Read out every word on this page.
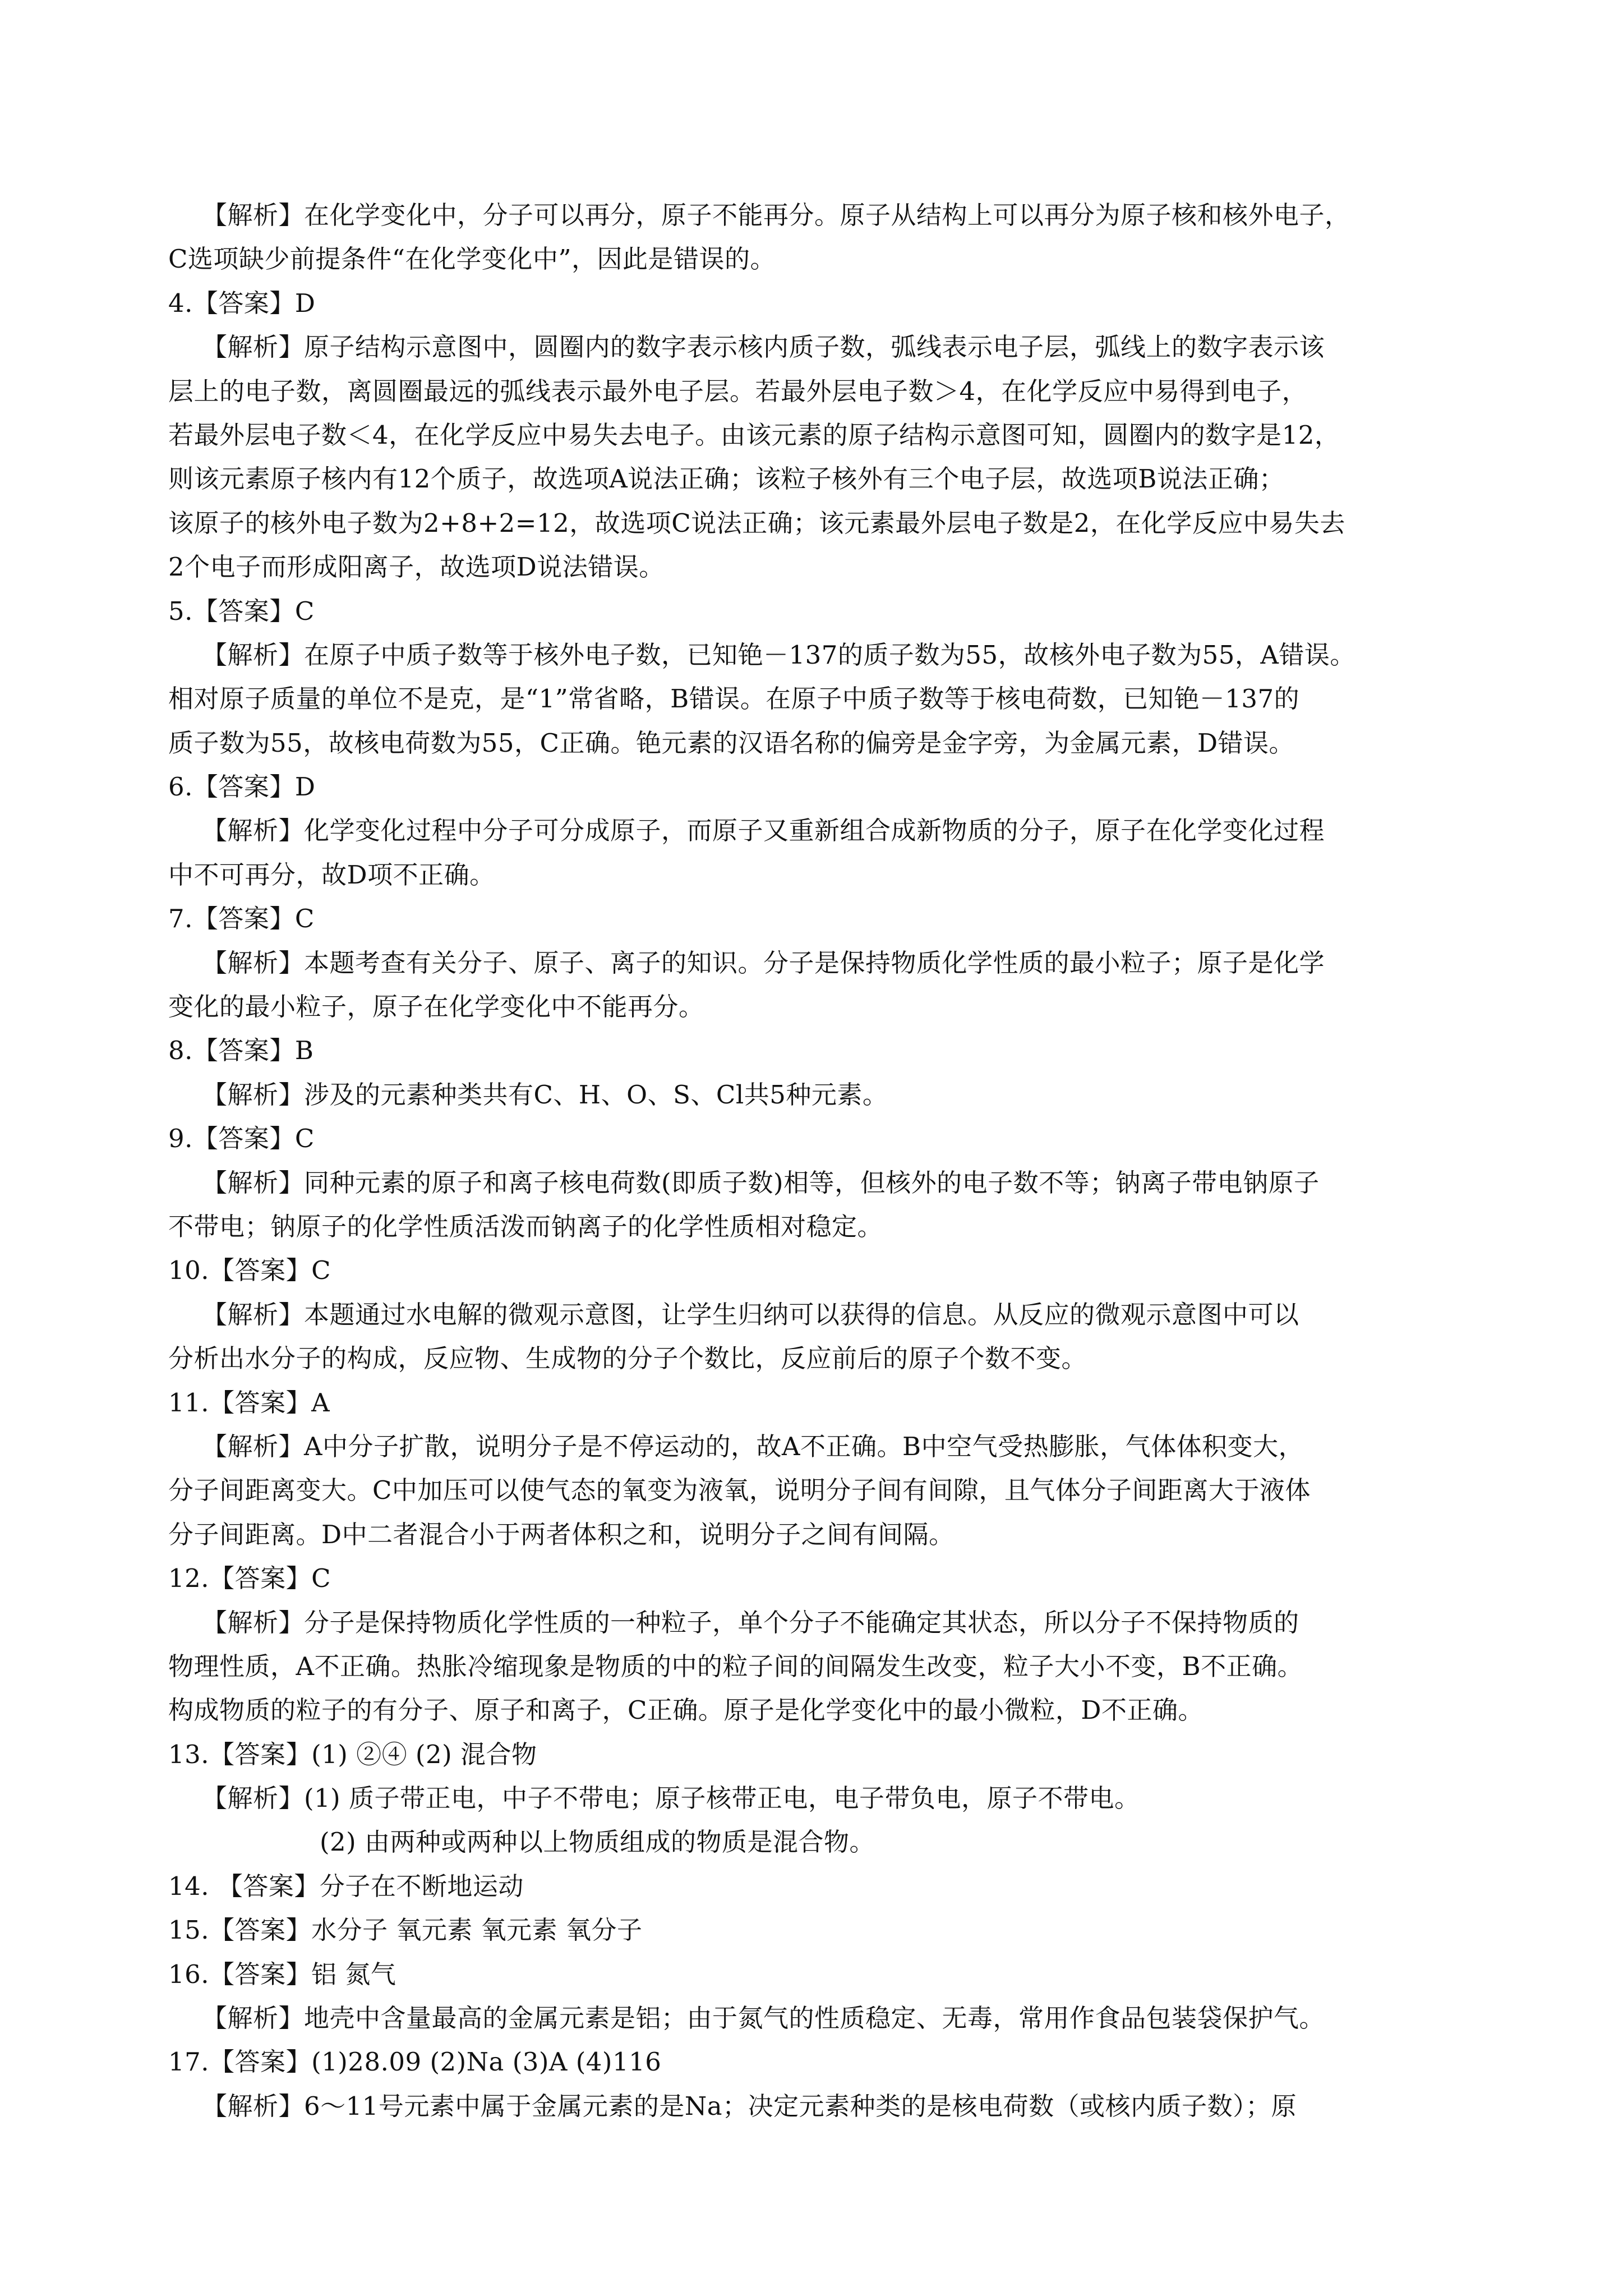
【解析】在化学变化中，分子可以再分，原子不能再分。原子从结构上可以再分为原子核和核外电子，
C选项缺少前提条件“在化学变化中”，因此是错误的。
4.【答案】D
【解析】原子结构示意图中，圆圈内的数字表示核内质子数，弧线表示电子层，弧线上的数字表示该
层上的电子数，离圆圈最远的弧线表示最外电子层。若最外层电子数＞4，在化学反应中易得到电子，
若最外层电子数＜4，在化学反应中易失去电子。由该元素的原子结构示意图可知，圆圈内的数字是12，
则该元素原子核内有12个质子，故选项A说法正确；该粒子核外有三个电子层，故选项B说法正确；
该原子的核外电子数为2+8+2=12，故选项C说法正确；该元素最外层电子数是2，在化学反应中易失去
2个电子而形成阳离子，故选项D说法错误。
5.【答案】C
【解析】在原子中质子数等于核外电子数，已知铯－137的质子数为55，故核外电子数为55，A错误。
相对原子质量的单位不是克，是“1”常省略，B错误。在原子中质子数等于核电荷数，已知铯－137的
质子数为55，故核电荷数为55，C正确。铯元素的汉语名称的偏旁是金字旁，为金属元素，D错误。
6.【答案】D
【解析】化学变化过程中分子可分成原子，而原子又重新组合成新物质的分子，原子在化学变化过程
中不可再分，故D项不正确。
7.【答案】C
【解析】本题考查有关分子、原子、离子的知识。分子是保持物质化学性质的最小粒子；原子是化学
变化的最小粒子，原子在化学变化中不能再分。
8.【答案】B
【解析】涉及的元素种类共有C、H、O、S、Cl共5种元素。
9.【答案】C
【解析】同种元素的原子和离子核电荷数(即质子数)相等，但核外的电子数不等；钠离子带电钠原子
不带电；钠原子的化学性质活泼而钠离子的化学性质相对稳定。
10.【答案】C
【解析】本题通过水电解的微观示意图，让学生归纳可以获得的信息。从反应的微观示意图中可以
分析出水分子的构成，反应物、生成物的分子个数比，反应前后的原子个数不变。
11.【答案】A
【解析】A中分子扩散，说明分子是不停运动的，故A不正确。B中空气受热膨胀，气体体积变大，
分子间距离变大。C中加压可以使气态的氧变为液氧，说明分子间有间隙，且气体分子间距离大于液体
分子间距离。D中二者混合小于两者体积之和，说明分子之间有间隔。
12.【答案】C
【解析】分子是保持物质化学性质的一种粒子，单个分子不能确定其状态，所以分子不保持物质的
物理性质，A不正确。热胀冷缩现象是物质的中的粒子间的间隔发生改变，粒子大小不变，B不正确。
构成物质的粒子的有分子、原子和离子，C正确。原子是化学变化中的最小微粒，D不正确。
13.【答案】(1) ②④ (2) 混合物
【解析】(1) 质子带正电，中子不带电；原子核带正电，电子带负电，原子不带电。
(2) 由两种或两种以上物质组成的物质是混合物。
14. 【答案】分子在不断地运动
15.【答案】水分子 氧元素 氧元素 氧分子
16.【答案】铝 氮气
【解析】地壳中含量最高的金属元素是铝；由于氮气的性质稳定、无毒，常用作食品包装袋保护气。
17.【答案】(1)28.09 (2)Na (3)A (4)116
【解析】6～11号元素中属于金属元素的是Na；决定元素种类的是核电荷数（或核内质子数）；原
